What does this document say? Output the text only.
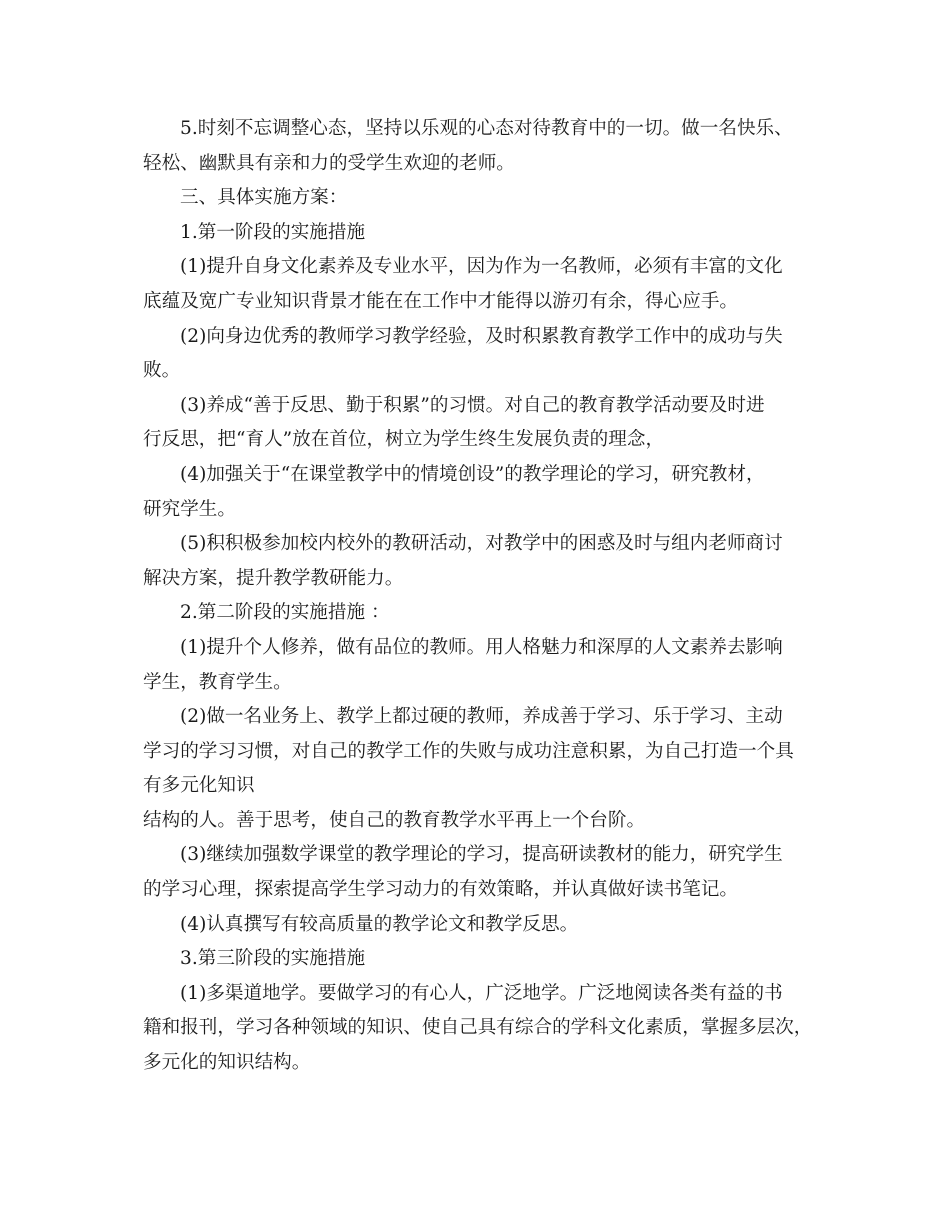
5.时刻不忘调整心态，坚持以乐观的心态对待教育中的一切。做一名快乐、
轻松、幽默具有亲和力的受学生欢迎的老师。
三、具体实施方案：
1.第一阶段的实施措施
(1)提升自身文化素养及专业水平，因为作为一名教师，必须有丰富的文化
底蕴及宽广专业知识背景才能在在工作中才能得以游刃有余，得心应手。
(2)向身边优秀的教师学习教学经验，及时积累教育教学工作中的成功与失
败。
(3)养成“善于反思、勤于积累”的习惯。对自己的教育教学活动要及时进
行反思，把“育人”放在首位，树立为学生终生发展负责的理念，
(4)加强关于“在课堂教学中的情境创设”的教学理论的学习，研究教材，
研究学生。
(5)积积极参加校内校外的教研活动，对教学中的困惑及时与组内老师商讨
解决方案，提升教学教研能力。
2.第二阶段的实施措施 ：
(1)提升个人修养，做有品位的教师。用人格魅力和深厚的人文素养去影响
学生，教育学生。
(2)做一名业务上、教学上都过硬的教师，养成善于学习、乐于学习、主动
学习的学习习惯，对自己的教学工作的失败与成功注意积累，为自己打造一个具
有多元化知识
结构的人。善于思考，使自己的教育教学水平再上一个台阶。
(3)继续加强数学课堂的教学理论的学习，提高研读教材的能力，研究学生
的学习心理，探索提高学生学习动力的有效策略，并认真做好读书笔记。
(4)认真撰写有较高质量的教学论文和教学反思。
3.第三阶段的实施措施
(1)多渠道地学。要做学习的有心人，广泛地学。广泛地阅读各类有益的书
籍和报刊，学习各种领域的知识、使自己具有综合的学科文化素质，掌握多层次，
多元化的知识结构。
